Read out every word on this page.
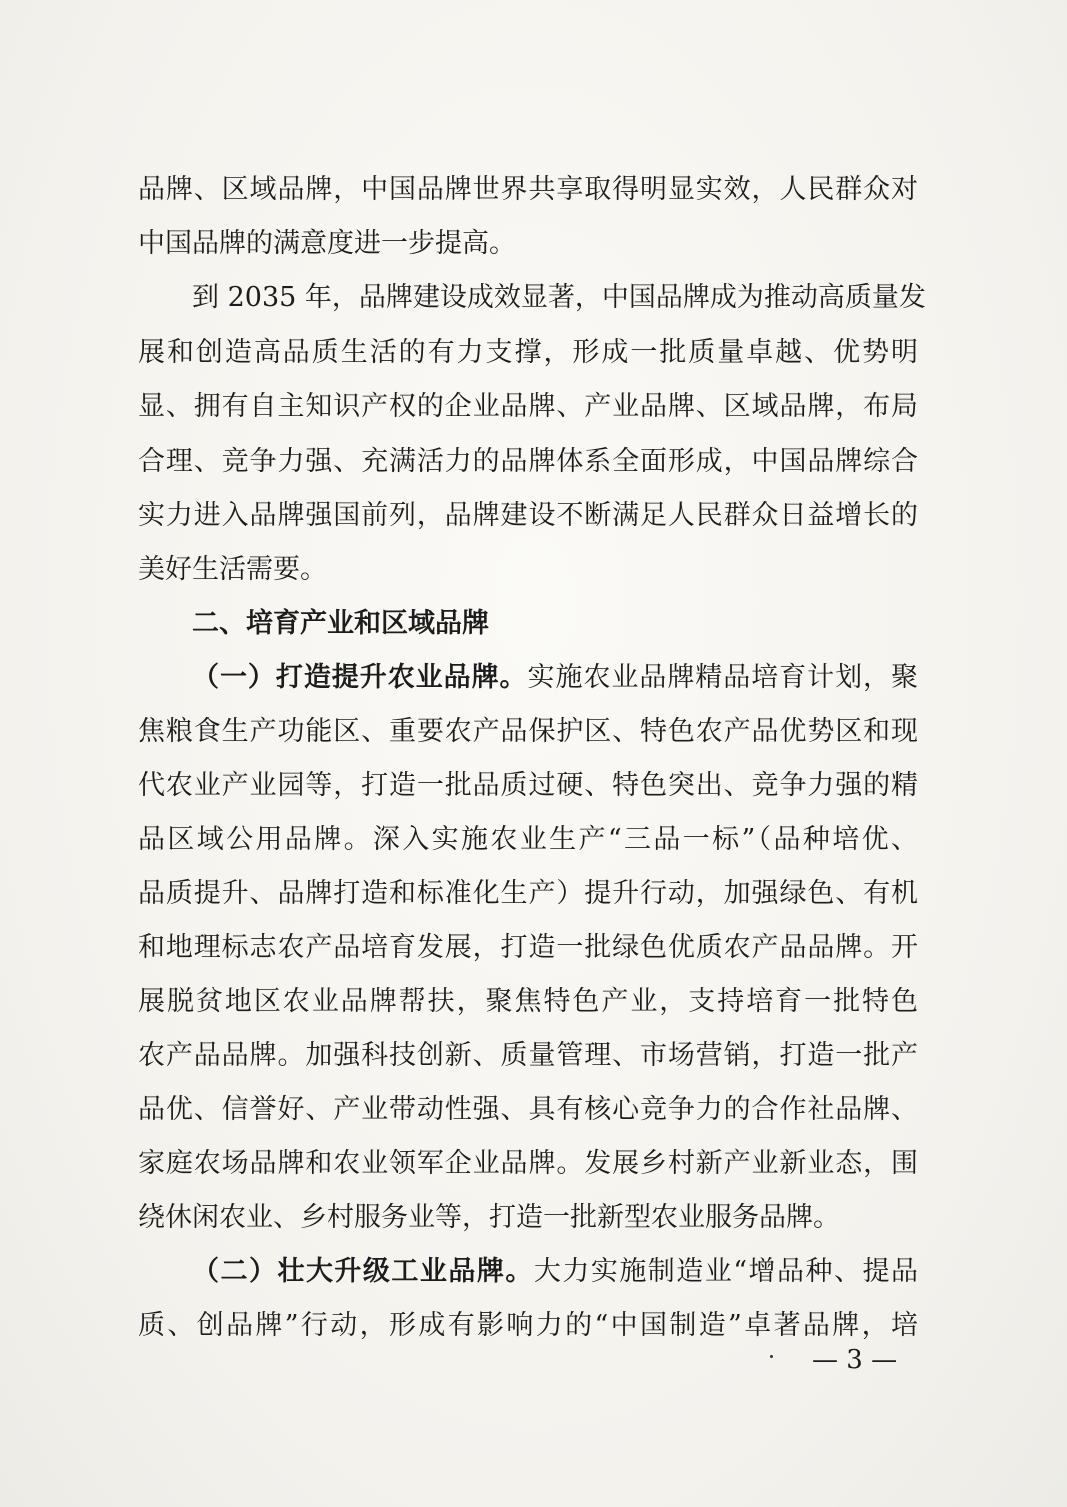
品牌、区域品牌，中国品牌世界共享取得明显实效，人民群众对
中国品牌的满意度进一步提高。
到 2035 年，品牌建设成效显著，中国品牌成为推动高质量发
展和创造高品质生活的有力支撑，形成一批质量卓越、优势明
显、拥有自主知识产权的企业品牌、产业品牌、区域品牌，布局
合理、竞争力强、充满活力的品牌体系全面形成，中国品牌综合
实力进入品牌强国前列，品牌建设不断满足人民群众日益增长的
美好生活需要。
二、培育产业和区域品牌
（一）打造提升农业品牌。实施农业品牌精品培育计划，聚
焦粮食生产功能区、重要农产品保护区、特色农产品优势区和现
代农业产业园等，打造一批品质过硬、特色突出、竞争力强的精
品区域公用品牌。深入实施农业生产“三品一标”（品种培优、
品质提升、品牌打造和标准化生产）提升行动，加强绿色、有机
和地理标志农产品培育发展，打造一批绿色优质农产品品牌。开
展脱贫地区农业品牌帮扶，聚焦特色产业，支持培育一批特色
农产品品牌。加强科技创新、质量管理、市场营销，打造一批产
品优、信誉好、产业带动性强、具有核心竞争力的合作社品牌、
家庭农场品牌和农业领军企业品牌。发展乡村新产业新业态，围
绕休闲农业、乡村服务业等，打造一批新型农业服务品牌。
（二）壮大升级工业品牌。大力实施制造业“增品种、提品
质、创品牌”行动，形成有影响力的“中国制造”卓著品牌，培
— 3 —
